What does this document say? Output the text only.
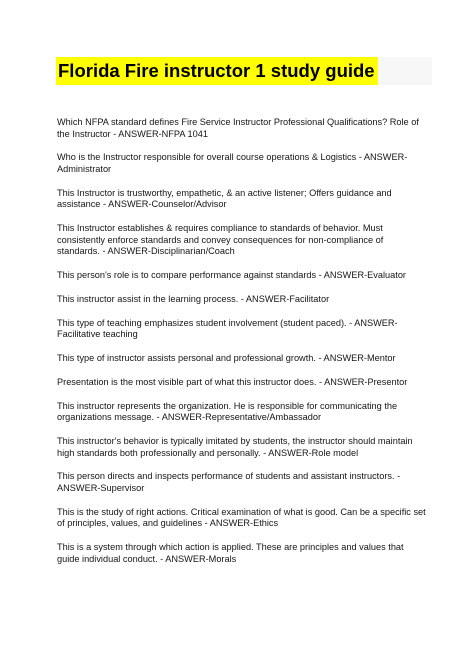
Florida Fire instructor 1 study guide
Which NFPA standard defines Fire Service Instructor Professional Qualifications? Role of the Instructor - ANSWER-NFPA 1041
Who is the Instructor responsible for overall course operations & Logistics - ANSWER-Administrator
This Instructor is trustworthy, empathetic, & an active listener; Offers guidance and assistance - ANSWER-Counselor/Advisor
This Instructor establishes & requires compliance to standards of behavior. Must consistently enforce standards and convey consequences for non-compliance of standards. - ANSWER-Disciplinarian/Coach
This person's role is to compare performance against standards - ANSWER-Evaluator
This instructor assist in the learning process. - ANSWER-Facilitator
This type of teaching emphasizes student involvement (student paced). - ANSWER-Facilitative teaching
This type of instructor assists personal and professional growth. - ANSWER-Mentor
Presentation is the most visible part of what this instructor does. - ANSWER-Presentor
This instructor represents the organization. He is responsible for communicating the organizations message. - ANSWER-Representative/Ambassador
This instructor's behavior is typically imitated by students, the instructor should maintain high standards both professionally and personally. - ANSWER-Role model
This person directs and inspects performance of students and assistant instructors. - ANSWER-Supervisor
This is the study of right actions. Critical examination of what is good. Can be a specific set of principles, values, and guidelines - ANSWER-Ethics
This is a system through which action is applied. These are principles and values that guide individual conduct. - ANSWER-Morals
